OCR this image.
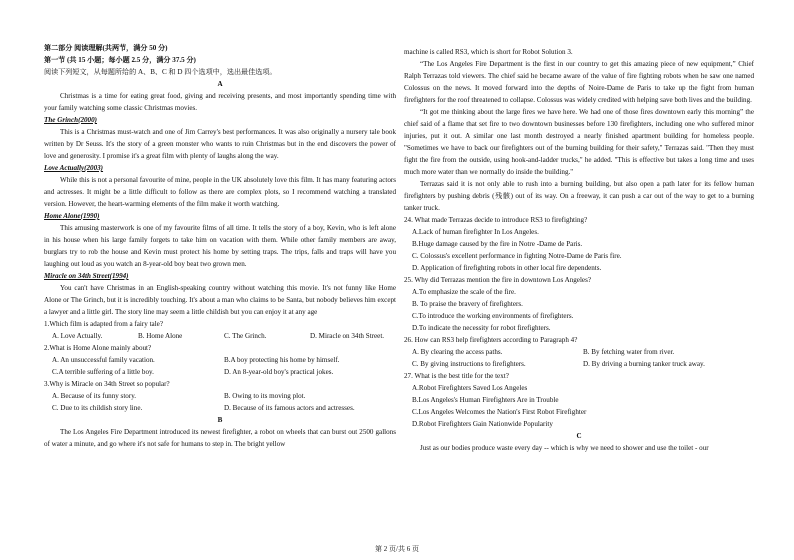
第二部分 阅读理解(共两节，满分 50 分)

第一节 (共 15 小题；每小题 2.5 分，满分 37.5 分)

阅读下列短文，从每题所给的 A、B、C 和 D 四个选项中，选出最佳选项。

A

Christmas is a time for eating great food, giving and receiving presents, and most importantly spending time with your family watching some classic Christmas movies.

The Grinch(2000)

This is a Christmas must-watch and one of Jim Carrey's best performances. It was also originally a nursery tale book written by Dr Seuss. It's the story of a green monster who wants to ruin Christmas but in the end discovers the power of love and generosity. I promise it's a great film with plenty of laughs along the way.

Love Actually(2003)

While this is not a personal favourite of mine, people in the UK absolutely love this film. It has many featuring actors and actresses. It might be a little difficult to follow as there are complex plots, so I recommend watching a translated version. However, the heart-warming elements of the film make it worth watching.

Home Alone(1990)

This amusing masterwork is one of my favourite films of all time. It tells the story of a boy, Kevin, who is left alone in his house when his large family forgets to take him on vacation with them. While other family members are away, burglars try to rob the house and Kevin must protect his home by setting traps. The trips, falls and traps will have you laughing out loud as you watch an 8-year-old boy beat two grown men.

Miracle on 34th Street(1994)

You can't have Christmas in an English-speaking country without watching this movie. It's not funny like Home Alone or The Grinch, but it is incredibly touching. It's about a man who claims to be Santa, but nobody believes him except a lawyer and a little girl. The story line may seem a little childish but you can enjoy it at any age

1.Which film is adapted from a fairy tale?

A. Love Actually.	B. Home Alone	C. The Grinch.	D. Miracle on 34th Street.

2.What is Home Alone mainly about?

A. An unsuccessful family vacation.	B.A boy protecting his home by himself.
C.A terrible suffering of a little boy.	D. An 8-year-old boy's practical jokes.

3.Why is Miracle on 34th Street so popular?

A. Because of its funny story.	B. Owing to its moving plot.
C. Due to its childish story line.	D. Because of its famous actors and actresses.

B

The Los Angeles Fire Department introduced its newest firefighter, a robot on wheels that can burst out 2500 gallons of water a minute, and go where it's not safe for humans to step in. The bright yellow

machine is called RS3, which is short for Robot Solution 3.

“The Los Angeles Fire Department is the first in our country to get this amazing piece of new equipment,” Chief Ralph Terrazas told viewers. The chief said he became aware of the value of fire fighting robots when he saw one named Colossus on the news. It moved forward into the depths of Noire-Dame de Paris to take up the fight from human firefighters for the roof threatened to collapse. Colossus was widely credited with helping save both lives and the building.

“It got me thinking about the large fires we have here. We had one of those fires downtown early this morning” the chief said of a flame that set fire to two downtown businesses before 130 firefighters, including one who suffered minor injuries, put it out. A similar one last month destroyed a nearly finished apartment building for homeless people. "Sometimes we have to back our firefighters out of the burning building for their safety," Terrazas said. "Then they must fight the fire from the outside, using hook-and-ladder trucks," he added. "This is effective but takes a long time and uses much more water than we normally do inside the building."

Terrazas said it is not only able to rush into a burning building, but also open a path later for its fellow human firefighters by pushing debris (残骸) out of its way. On a freeway, it can push a car out of the way to get to a burning tanker truck.

24. What made Terrazas decide to introduce RS3 to firefighting?

A.Lack of human firefighter In Los Angeles.

B.Huge damage caused by the fire in Notre -Dame de Paris.

C. Colossus's excellent performance in fighting Notre-Dame de Paris fire.

D. Application of firefighting robots in other local fire dependents.

25. Why did Terrazas mention the fire in downtown Los Angeles?

A.To emphasize the scale of the fire.

B. To praise the bravery of firefighters.

C.To introduce the working environments of firefighters.

D.To indicate the necessity for robot firefighters.

26. How can RS3 help firefighters according to Paragraph 4?

A. By clearing the access paths.	B. By fetching water from river.
C. By giving instructions to firefighters.	D. By driving a burning tanker truck away.

27. What is the best title for the text?

A.Robot Firefighters Saved Los Angeles

B.Los Angeles's Human Firefighters Are in Trouble

C.Los Angeles Welcomes the Nation's First Robot Firefighter

D.Robot Firefighters Gain Nationwide Popularity

C

Just as our bodies produce waste every day -- which is why we need to shower and use the toilet - our

第 2 页/共 6 页
